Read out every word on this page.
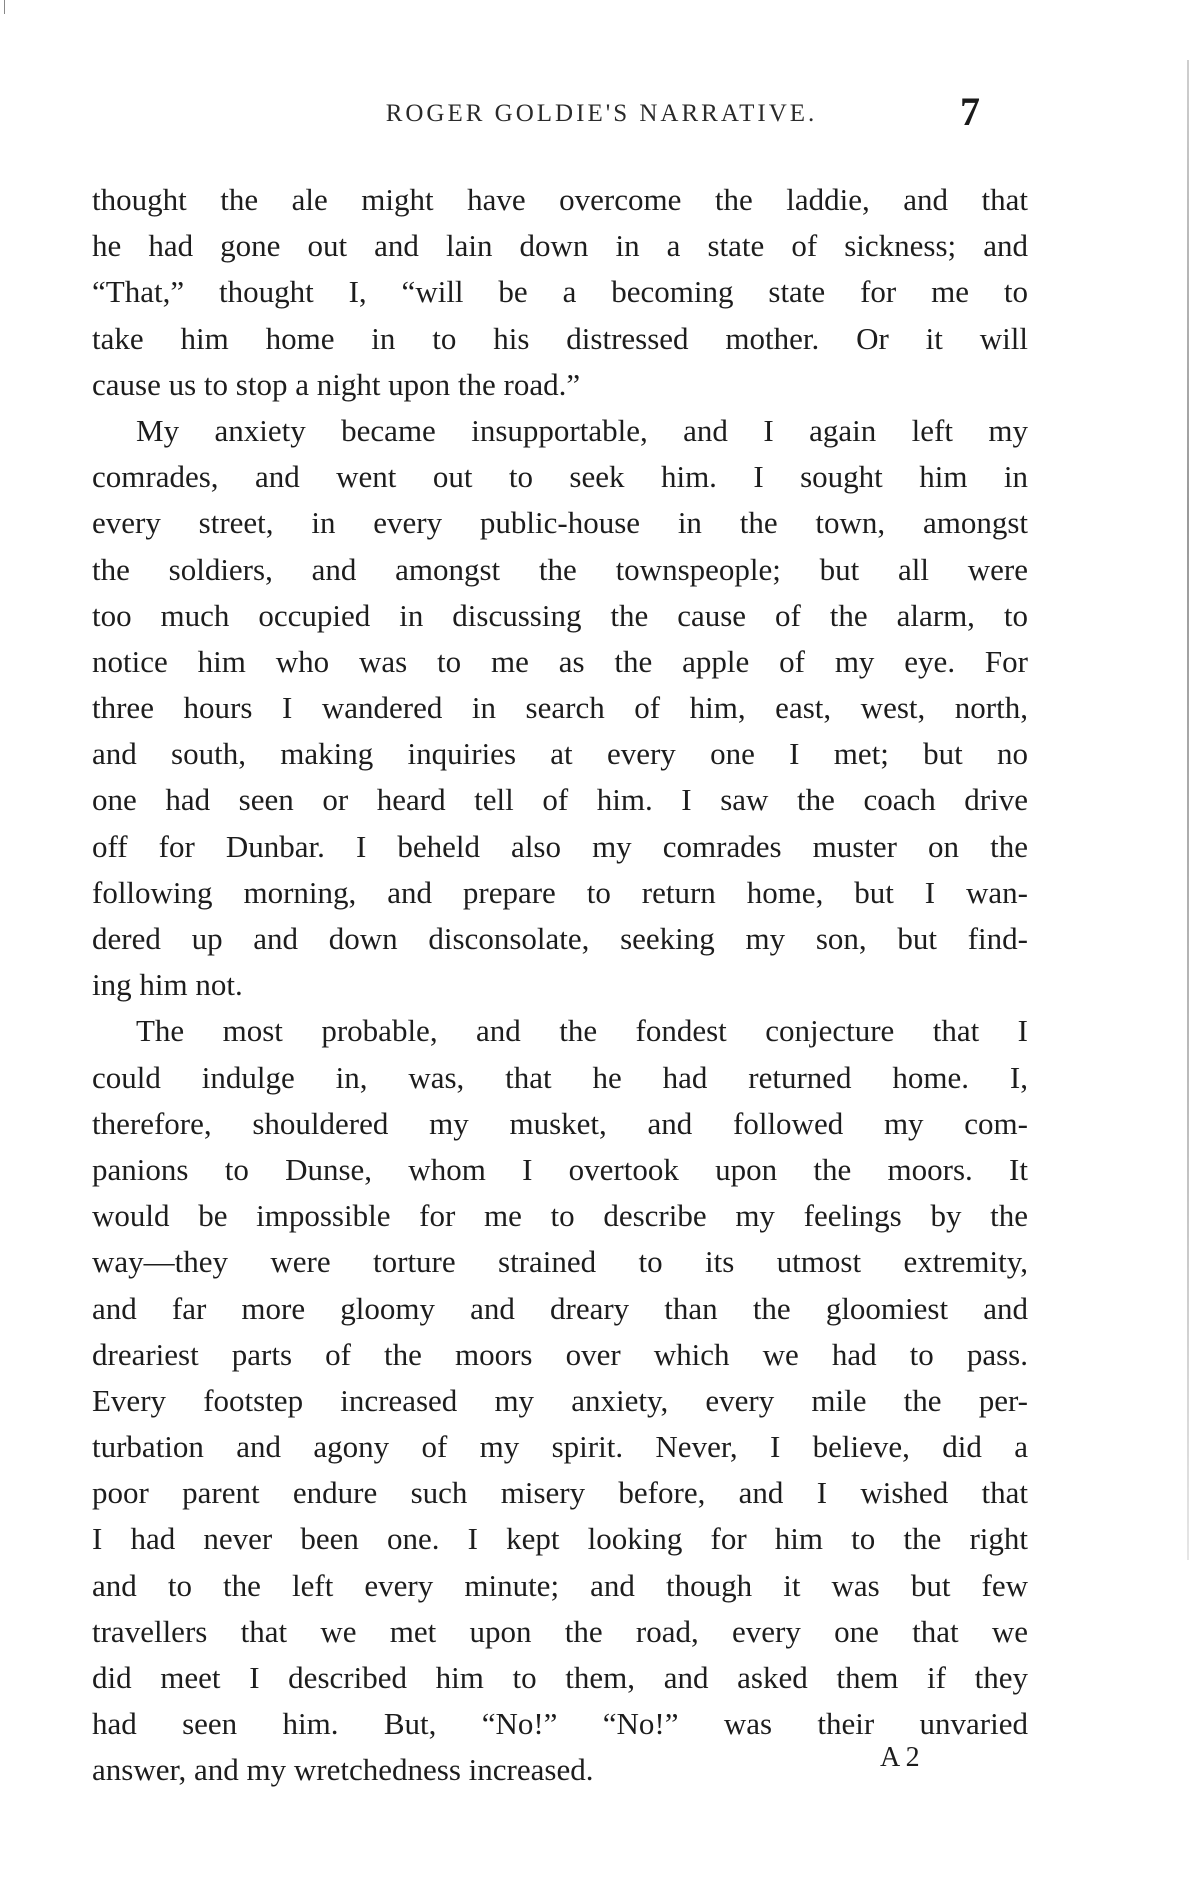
ROGER GOLDIE'S NARRATIVE.	7
thought the ale might have overcome the laddie, and that
he had gone out and lain down in a state of sickness; and
“That,” thought I, “will be a becoming state for me to
take him home in to his distressed mother. Or it will
cause us to stop a night upon the road.”
My anxiety became insupportable, and I again left my
comrades, and went out to seek him. I sought him in
every street, in every public-house in the town, amongst
the soldiers, and amongst the townspeople; but all were
too much occupied in discussing the cause of the alarm, to
notice him who was to me as the apple of my eye. For
three hours I wandered in search of him, east, west, north,
and south, making inquiries at every one I met; but no
one had seen or heard tell of him. I saw the coach drive
off for Dunbar. I beheld also my comrades muster on the
following morning, and prepare to return home, but I wan-
dered up and down disconsolate, seeking my son, but find-
ing him not.
The most probable, and the fondest conjecture that I
could indulge in, was, that he had returned home. I,
therefore, shouldered my musket, and followed my com-
panions to Dunse, whom I overtook upon the moors. It
would be impossible for me to describe my feelings by the
way—they were torture strained to its utmost extremity,
and far more gloomy and dreary than the gloomiest and
dreariest parts of the moors over which we had to pass.
Every footstep increased my anxiety, every mile the per-
turbation and agony of my spirit. Never, I believe, did a
poor parent endure such misery before, and I wished that
I had never been one. I kept looking for him to the right
and to the left every minute; and though it was but few
travellers that we met upon the road, every one that we
did meet I described him to them, and asked them if they
had seen him. But, “No!” “No!” was their unvaried
answer, and my wretchedness increased.	A 2
